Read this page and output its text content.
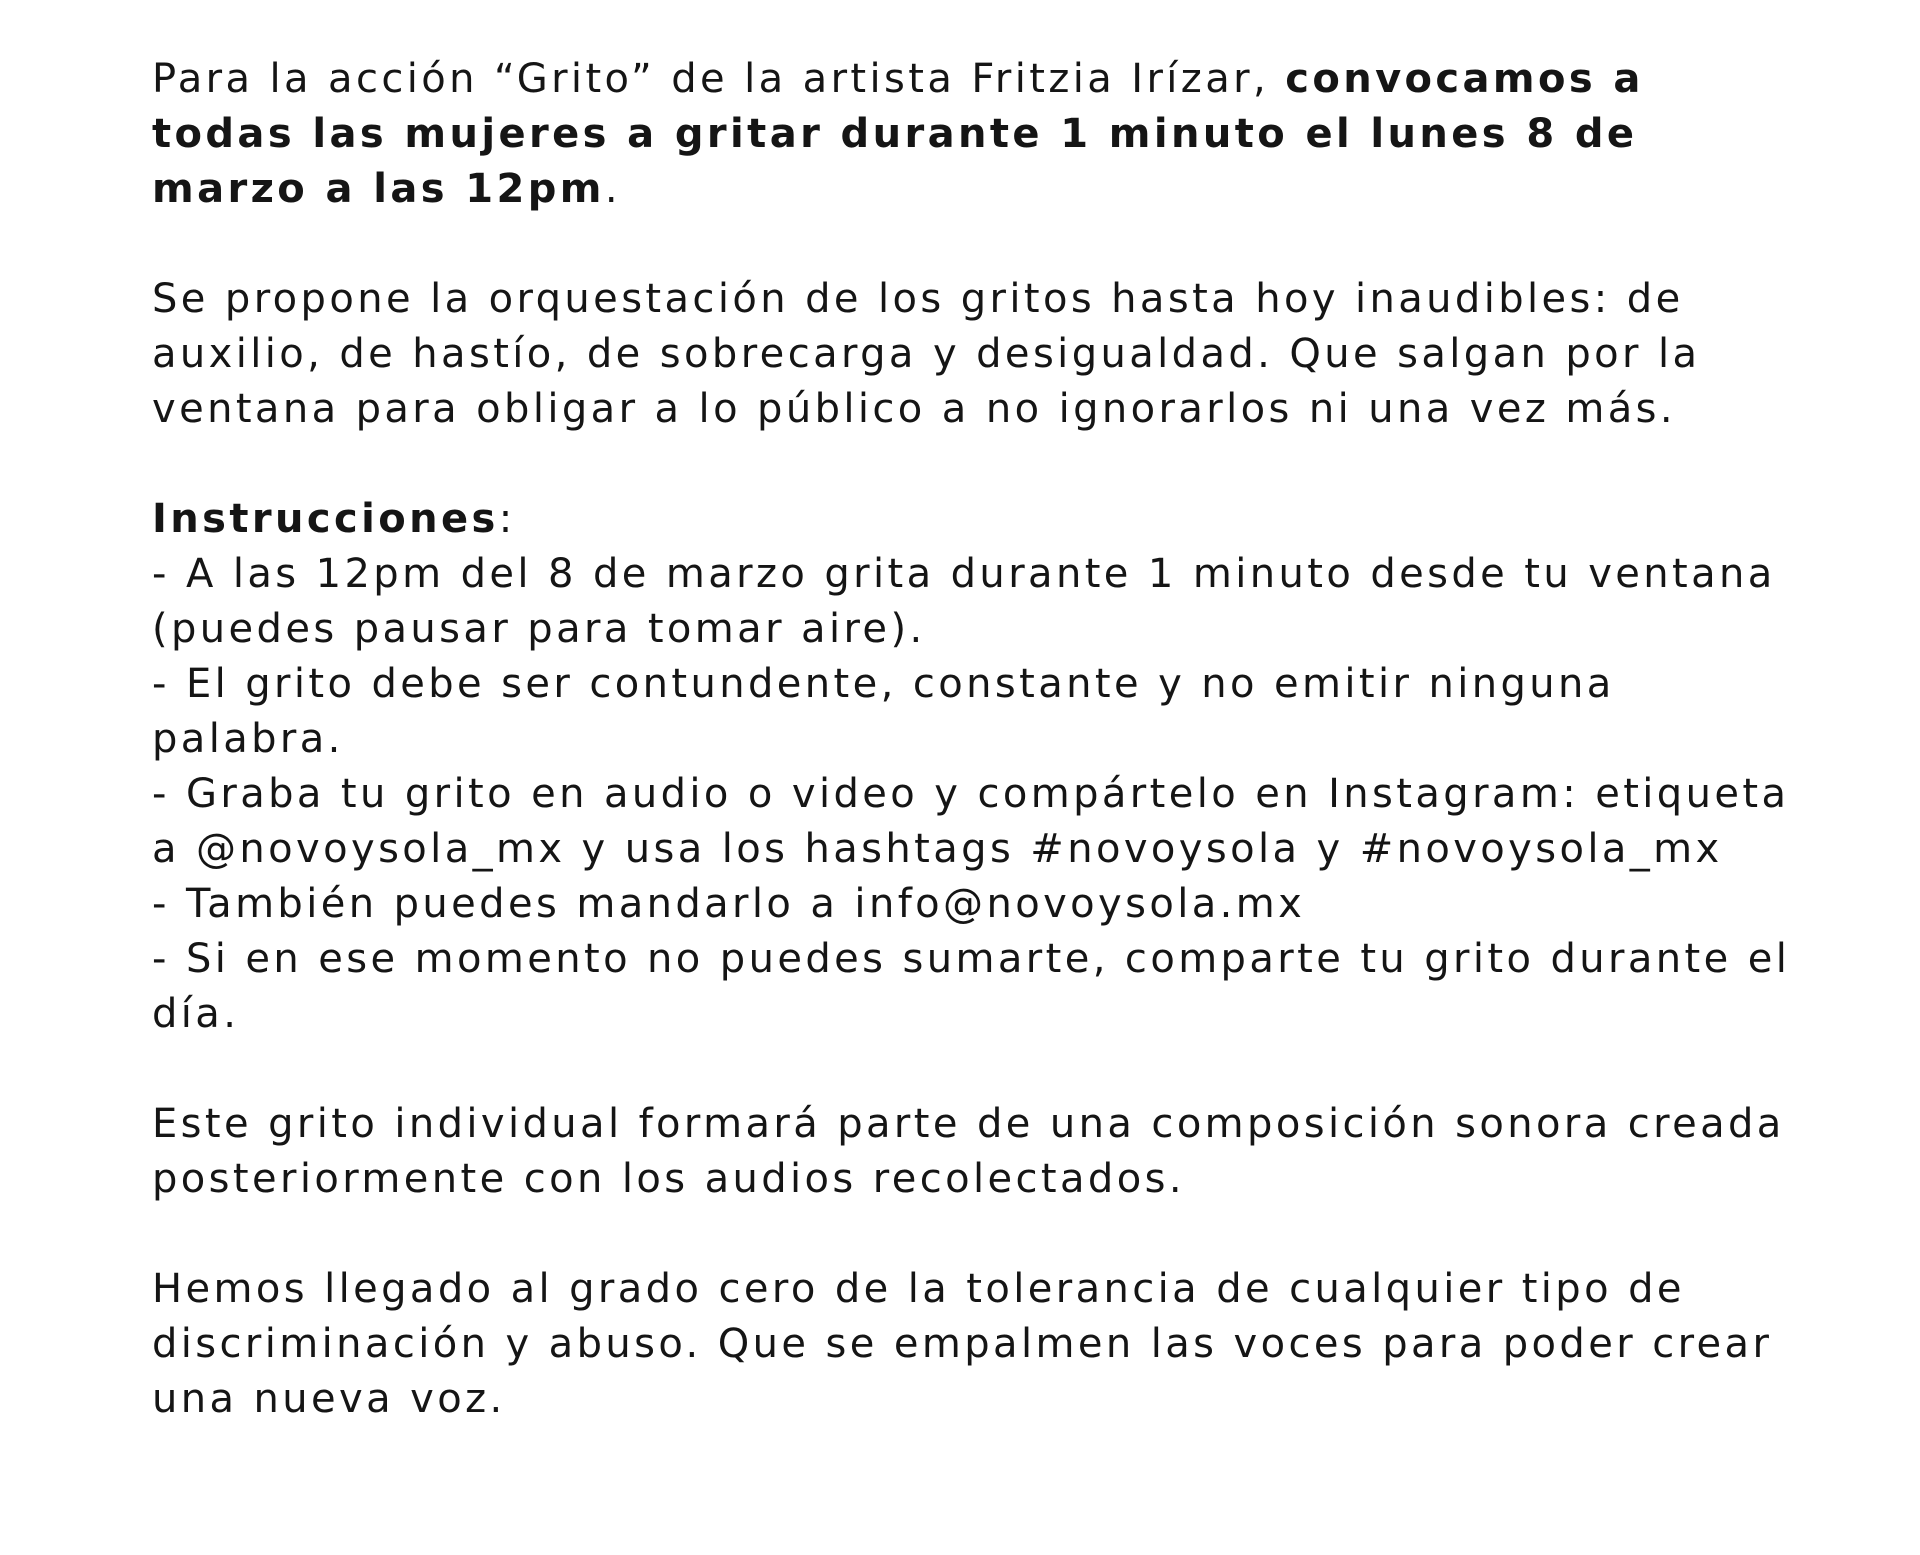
Para la acción “Grito” de la artista Fritzia Irízar, convocamos a todas las mujeres a gritar durante 1 minuto el lunes 8 de marzo a las 12pm.

Se propone la orquestación de los gritos hasta hoy inaudibles: de auxilio, de hastío, de sobrecarga y desigualdad. Que salgan por la ventana para obligar a lo público a no ignorarlos ni una vez más.

Instrucciones:

- A las 12pm del 8 de marzo grita durante 1 minuto desde tu ventana (puedes pausar para tomar aire).

- El grito debe ser contundente, constante y no emitir ninguna palabra.

- Graba tu grito en audio o video y compártelo en Instagram: etiqueta a @novoysola_mx y usa los hashtags #novoysola y #novoysola_mx

- También puedes mandarlo a info@novoysola.mx

- Si en ese momento no puedes sumarte, comparte tu grito durante el día.

Este grito individual formará parte de una composición sonora creada posteriormente con los audios recolectados.

Hemos llegado al grado cero de la tolerancia de cualquier tipo de discriminación y abuso. Que se empalmen las voces para poder crear una nueva voz.
